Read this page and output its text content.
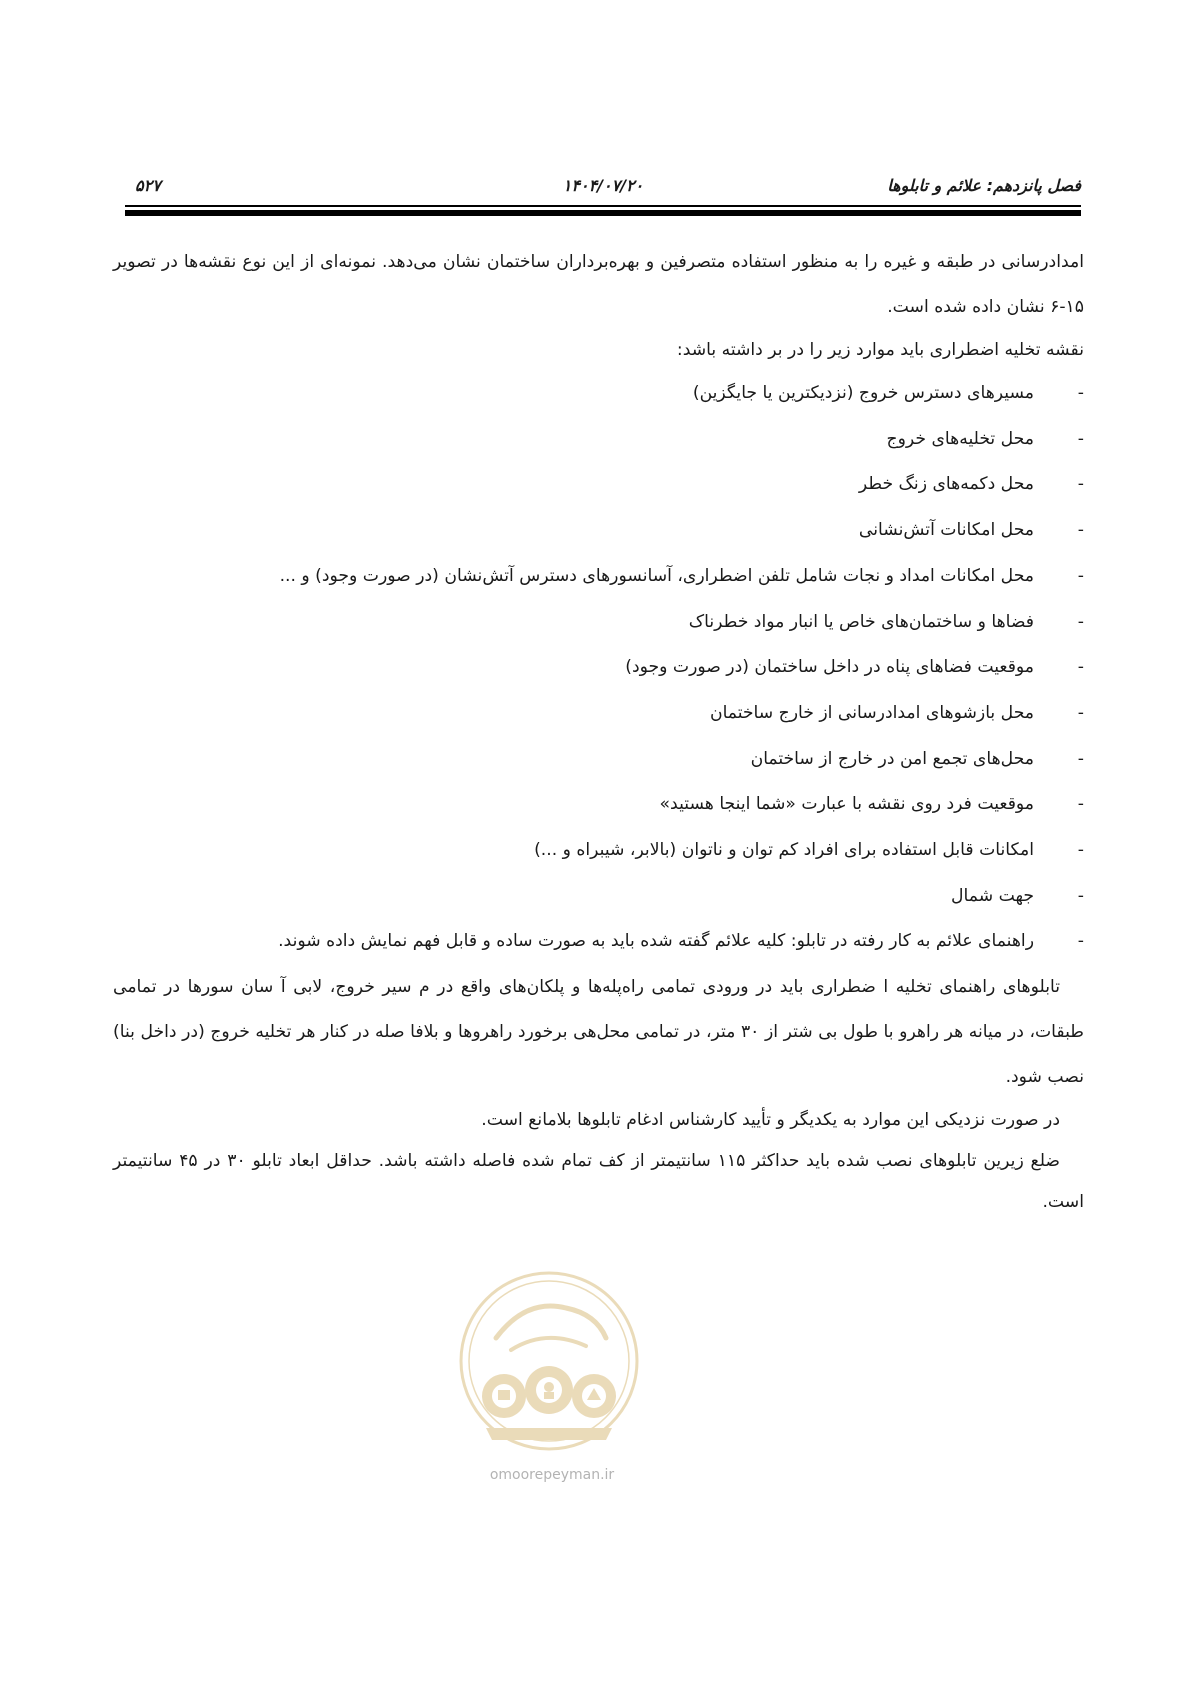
فصل پانزدهم: علائم و تابلوها
۱۴۰۴/۰۷/۲۰
۵۲۷

امدادرسانی در طبقه و غیره را به منظور استفاده متصرفین و بهره‌برداران ساختمان نشان می‌دهد. نمونه‌ای از این نوع نقشه‌ها در تصویر ۱۵-۶ نشان داده شده است.

نقشه تخلیه اضطراری باید موارد زیر را در بر داشته باشد:

-
مسیرهای دسترس خروج (نزدیکترین یا جایگزین)
-
محل تخلیه‌های خروج
-
محل دکمه‌های زنگ خطر
-
محل امکانات آتش‌نشانی
-
محل امکانات امداد و نجات شامل تلفن اضطراری، آسانسورهای دسترس آتش‌نشان (در صورت وجود) و ...
-
فضاها و ساختمان‌های خاص یا انبار مواد خطرناک
-
موقعیت فضاهای پناه در داخل ساختمان (در صورت وجود)
-
محل بازشوهای امدادرسانی از خارج ساختمان
-
محل‌های تجمع امن در خارج از ساختمان
-
موقعیت فرد روی نقشه با عبارت «شما اینجا هستید»
-
امکانات قابل استفاده برای افراد کم توان و ناتوان (بالابر، شیبراه و ...)
-
جهت شمال
-
راهنمای علائم به کار رفته در تابلو: کلیه علائم گفته شده باید به صورت ساده و قابل فهم نمایش داده شوند.

تابلوهای راهنمای تخلیه ا ضطراری باید در ورودی تمامی راه‌پله‌ها و پلکان‌های واقع در م سیر خروج، لابی آ سان سورها در تمامی طبقات، در میانه هر راهرو با طول بی شتر از ۳۰ متر، در تمامی محل‌هی برخورد راهروها و بلافا صله در کنار هر تخلیه خروج (در داخل بنا) نصب شود.

در صورت نزدیکی این موارد به یکدیگر و تأیید کارشناس ادغام تابلوها بلامانع است.

ضلع زیرین تابلوهای نصب شده باید حداکثر ۱۱۵ سانتیمتر از کف تمام شده فاصله داشته باشد. حداقل ابعاد تابلو ۳۰ در ۴۵ سانتیمتر است.

omoorepeyman.ir
